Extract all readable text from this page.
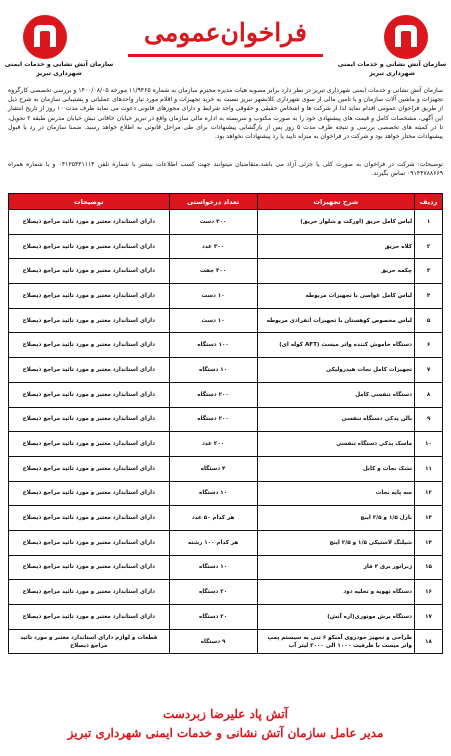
سازمان آتش نشانی و خدمات ایمنی
شهرداری تبریز
فراخوان‌عمومی
سازمان آتش نشانی و خدمات ایمنی
شهرداری تبریز
سازمان آتش نشانی و خدمات ایمنی شهرداری تبریز در نظر دارد برابر مصوبه هیات مدیره محترم سازمان به شماره ۱۱/۹۴۶۵ مورخه ۱۴۰۰/۰۸/۰۵ و بررسی تخصصی کارگروه تجهیزات و ماشین آلات سازمان و با تامین مالی از سوی شهرداری کلانشهر تبریز نسبت به خرید تجهیزات و اقلام مورد نیاز واحدهای عملیاتی و پشتیبانی سازمان به شرح ذیل از طریق فراخوان عمومی اقدام نماید لذا از شرکت ها و اشخاص حقیقی و حقوقی واجد شرایط و دارای مجوزهای قانونی دعوت می نماید ظرف مدت ۱۰ روز از تاریخ انتشار این آگهی، مشخصات کامل و قیمت های پیشنهادی خود را به صورت مکتوب و سربسته به اداره مالی سازمان واقع در تبریز خیابان خاقانی نبش خیابان مدرس طبقه ۲ تحویل، تا در کمیته های تخصصی بررسی و نتیجه ظرف مدت ۵ روز پس از بازگشایی پیشنهادات برای طی مراحل قانونی به اطلاع خواهد رسید. ضمنا سازمان در رد یا قبول پیشنهادات مختار خواهد بود و شرکت در فراخوان به منزله تایید یا رد پیشنهادات نخواهد بود.
توضیحات: شرکت در فراخوان به صورت کلی یا جزئی آزاد می باشد.متقاضیان میتوانند جهت کسب اطلاعات بیشتر با شماره تلفن ۰۴۱۳۵۴۳۱۱۱۴ و یا شماره همراه ۰۹۱۴۴۷۸۸۶۶۹ تماس بگیرند.
ردیف	شرح تجهیزات	تعداد درخواستی	توضیحات
۱	لباس کامل حریق (اورکت و شلوار حریق)	۳۰۰ دست	دارای استاندارد معتبر و مورد تائید مراجع ذیصلاح
۲	کلاه حریق	۳۰۰ عدد	دارای استاندارد معتبر و مورد تائید مراجع ذیصلاح
۳	چکمه حریق	۳۰۰ جفت	دارای استاندارد معتبر و مورد تائید مراجع ذیصلاح
۴	لباس کامل غواصی با تجهیزات مربوطه	۱۰ دست	دارای استاندارد معتبر و مورد تائید مراجع ذیصلاح
۵	لباس مخصوص کوهستان با تجهیزات انفرادی مربوطه	۱۰ دست	دارای استاندارد معتبر و مورد تائید مراجع ذیصلاح
۶	دستگاه خاموش کننده واتر میست (AFT کوله ای)	۱۰۰ دستگاه	دارای استاندارد معتبر و مورد تائید مراجع ذیصلاح
۷	تجهیزات کامل نجات هیدرولیکی	۱۰ دستگاه	دارای استاندارد معتبر و مورد تائید مراجع ذیصلاح
۸	دستگاه تنفسی کامل	۲۰۰ دستگاه	دارای استاندارد معتبر و مورد تائید مراجع ذیصلاح
۹	بالن یدکی دستگاه تنفسی	۲۰۰ دستگاه	دارای استاندارد معتبر و مورد تائید مراجع ذیصلاح
۱۰	ماسک یدکی دستگاه تنفسی	۲۰۰ عدد	دارای استاندارد معتبر و مورد تائید مراجع ذیصلاح
۱۱	تشک نجات و کابل	۴ دستگاه	دارای استاندارد معتبر و مورد تائید مراجع ذیصلاح
۱۲	سه پایه نجات	۱۰ دستگاه	دارای استاندارد معتبر و مورد تائید مراجع ذیصلاح
۱۳	نازل ۱/۵ و ۲/۵ اینچ	هر کدام ۵۰ عدد	دارای استاندارد معتبر و مورد تائید مراجع ذیصلاح
۱۴	شیلنگ لاستیکی ۱/۵ و ۲/۵ اینچ	هر کدام ۱۰۰ رشته	دارای استاندارد معتبر و مورد تائید مراجع ذیصلاح
۱۵	ژنراتور برق ۳ فاز	۱۰ دستگاه	دارای استاندارد معتبر و مورد تائید مراجع ذیصلاح
۱۶	دستگاه تهویه و تخلیه دود	۲۰ دستگاه	دارای استاندارد معتبر و مورد تائید مراجع ذیصلاح
۱۷	دستگاه برش موتوری(اره آتش)	۲۰ دستگاه	دارای استاندارد معتبر و مورد تائید مراجع ذیصلاح
۱۸	طراحی و تجهیز خودروی آمبکو ۶ تنی به سیستم پمپ واتر میست با ظرفیت ۱۰۰۰ الی ۲۰۰۰ لیتر آب	۹ دستگاه	قطعات و لوازم دارای استاندارد معتبر و مورد تائید مراجع ذیصلاح
آتش پاد علیرضا زبردست
مدیر عامل سازمان آتش نشانی و خدمات ایمنی شهرداری تبریز
